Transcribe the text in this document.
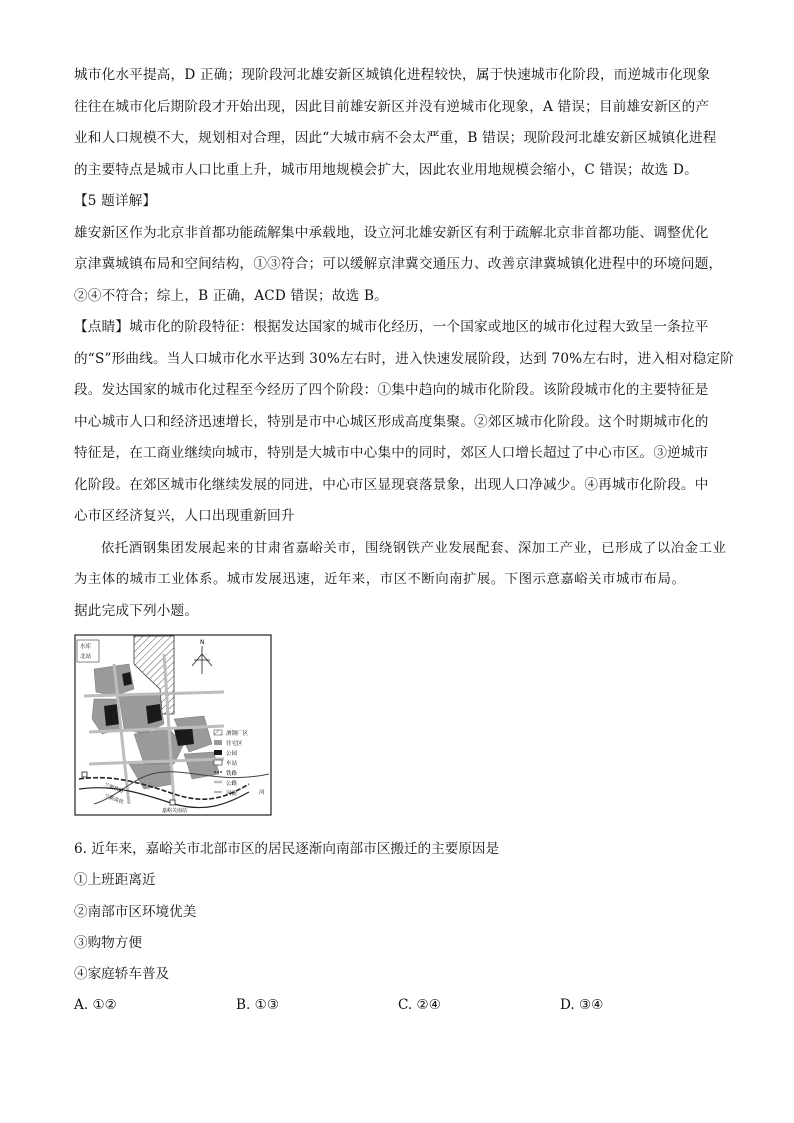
城市化水平提高，D 正确；现阶段河北雄安新区城镇化进程较快，属于快速城市化阶段，而逆城市化现象
往往在城市化后期阶段才开始出现，因此目前雄安新区并没有逆城市化现象，A 错误；目前雄安新区的产
业和人口规模不大，规划相对合理，因此“大城市病不会太严重，B 错误；现阶段河北雄安新区城镇化进程
的主要特点是城市人口比重上升，城市用地规模会扩大，因此农业用地规模会缩小，C 错误；故选 D。
【5 题详解】
雄安新区作为北京非首都功能疏解集中承载地，设立河北雄安新区有利于疏解北京非首都功能、调整优化
京津冀城镇布局和空间结构，①③符合；可以缓解京津冀交通压力、改善京津冀城镇化进程中的环境问题，
②④不符合；综上，B 正确，ACD 错误；故选 B。
【点睛】城市化的阶段特征：根据发达国家的城市化经历，一个国家或地区的城市化过程大致呈一条拉平
的“S”形曲线。当人口城市化水平达到 30%左右时，进入快速发展阶段，达到 70%左右时，进入相对稳定阶
段。发达国家的城市化过程至今经历了四个阶段：①集中趋向的城市化阶段。该阶段城市化的主要特征是
中心城市人口和经济迅速增长，特别是市中心城区形成高度集聚。②郊区城市化阶段。这个时期城市化的
特征是，在工商业继续向城市，特别是大城市中心集中的同时，郊区人口增长超过了中心市区。③逆城市
化阶段。在郊区城市化继续发展的同进，中心市区显现衰落景象，出现人口净减少。④再城市化阶段。中
心市区经济复兴，人口出现重新回升
依托酒钢集团发展起来的甘肃省嘉峪关市，围绕钢铁产业发展配套、深加工产业，已形成了以冶金工业
为主体的城市工业体系。城市发展迅速，近年来，市区不断向南扩展。下图示意嘉峪关市城市布局。
据此完成下列小题。
水库
北站
兰新铁路
兰新高铁
河
嘉峪关南站
N
酒钢厂区
住宅区
公园
车站
铁路
公路
河流
6. 近年来，嘉峪关市北部市区的居民逐渐向南部市区搬迁的主要原因是
①上班距离近
②南部市区环境优美
③购物方便
④家庭轿车普及
A. ①②	B. ①③	C. ②④	D. ③④
